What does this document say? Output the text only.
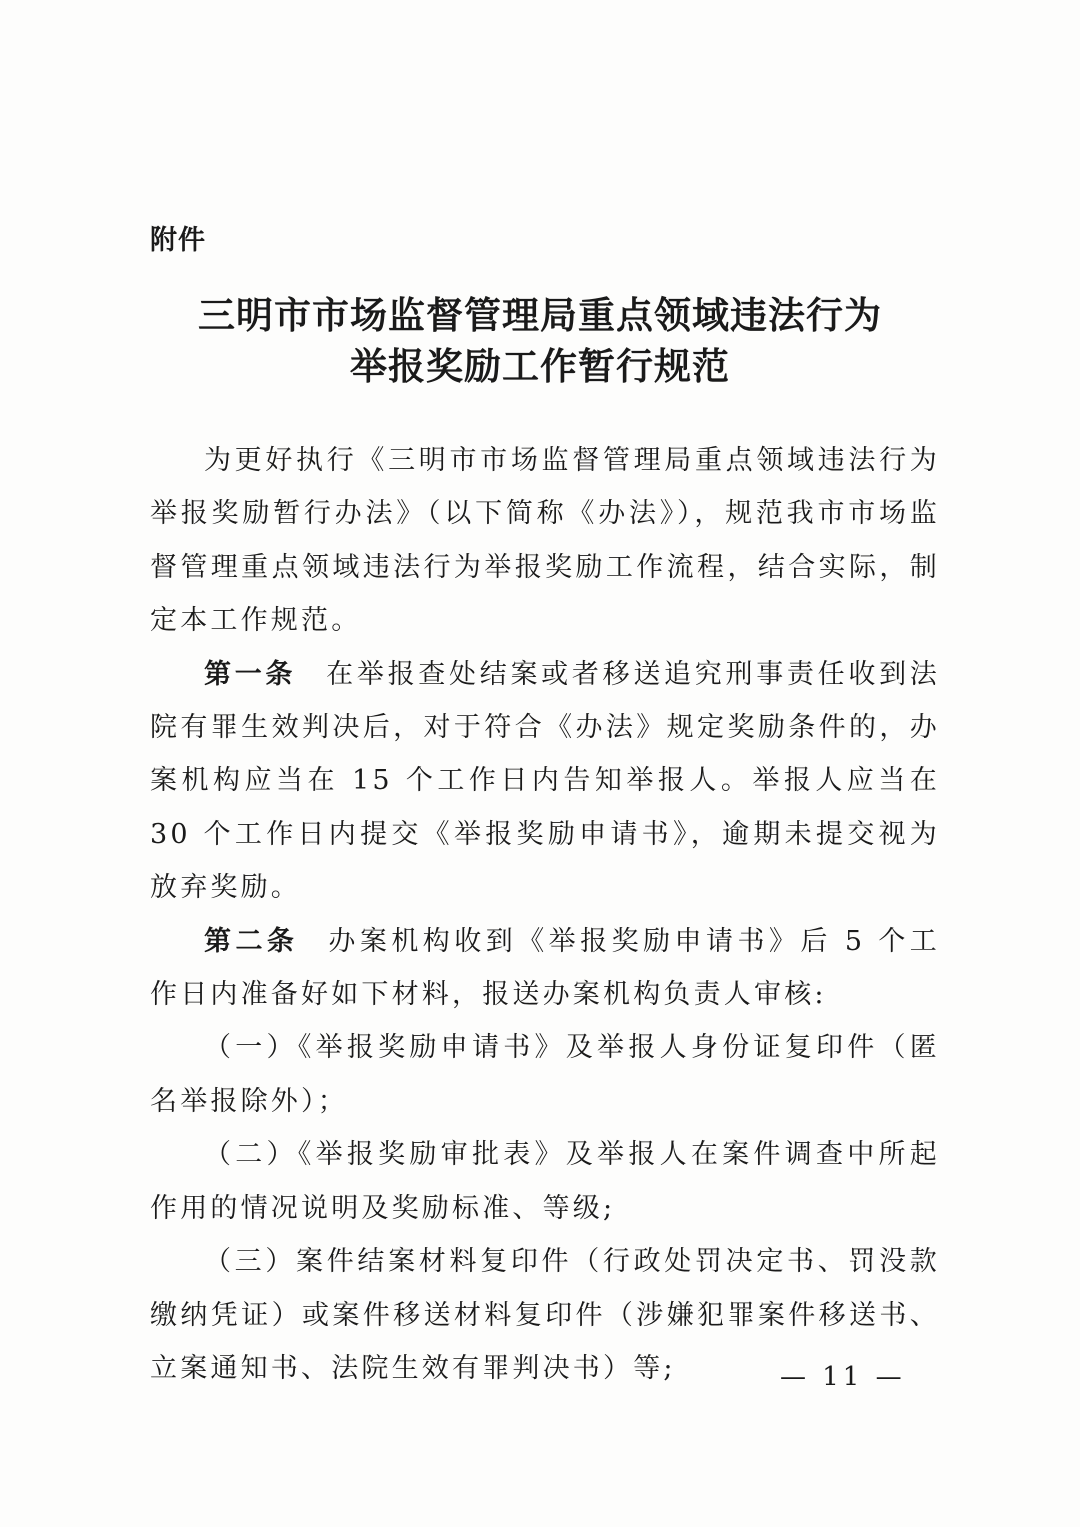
附件
三明市市场监督管理局重点领域违法行为
举报奖励工作暂行规范

为更好执行《三明市市场监督管理局重点领域违法行为举报奖励暂行办法》（以下简称《办法》），规范我市市场监督管理重点领域违法行为举报奖励工作流程，结合实际，制定本工作规范。

第一条 在举报查处结案或者移送追究刑事责任收到法院有罪生效判决后，对于符合《办法》规定奖励条件的，办案机构应当在 15 个工作日内告知举报人。举报人应当在 30 个工作日内提交《举报奖励申请书》，逾期未提交视为放弃奖励。

第二条 办案机构收到《举报奖励申请书》后 5 个工作日内准备好如下材料，报送办案机构负责人审核:

（一）《举报奖励申请书》及举报人身份证复印件（匿名举报除外）；

（二）《举报奖励审批表》及举报人在案件调查中所起作用的情况说明及奖励标准、等级;

（三）案件结案材料复印件（行政处罚决定书、罚没款缴纳凭证）或案件移送材料复印件（涉嫌犯罪案件移送书、立案通知书、法院生效有罪判决书）等;	— 11 —
